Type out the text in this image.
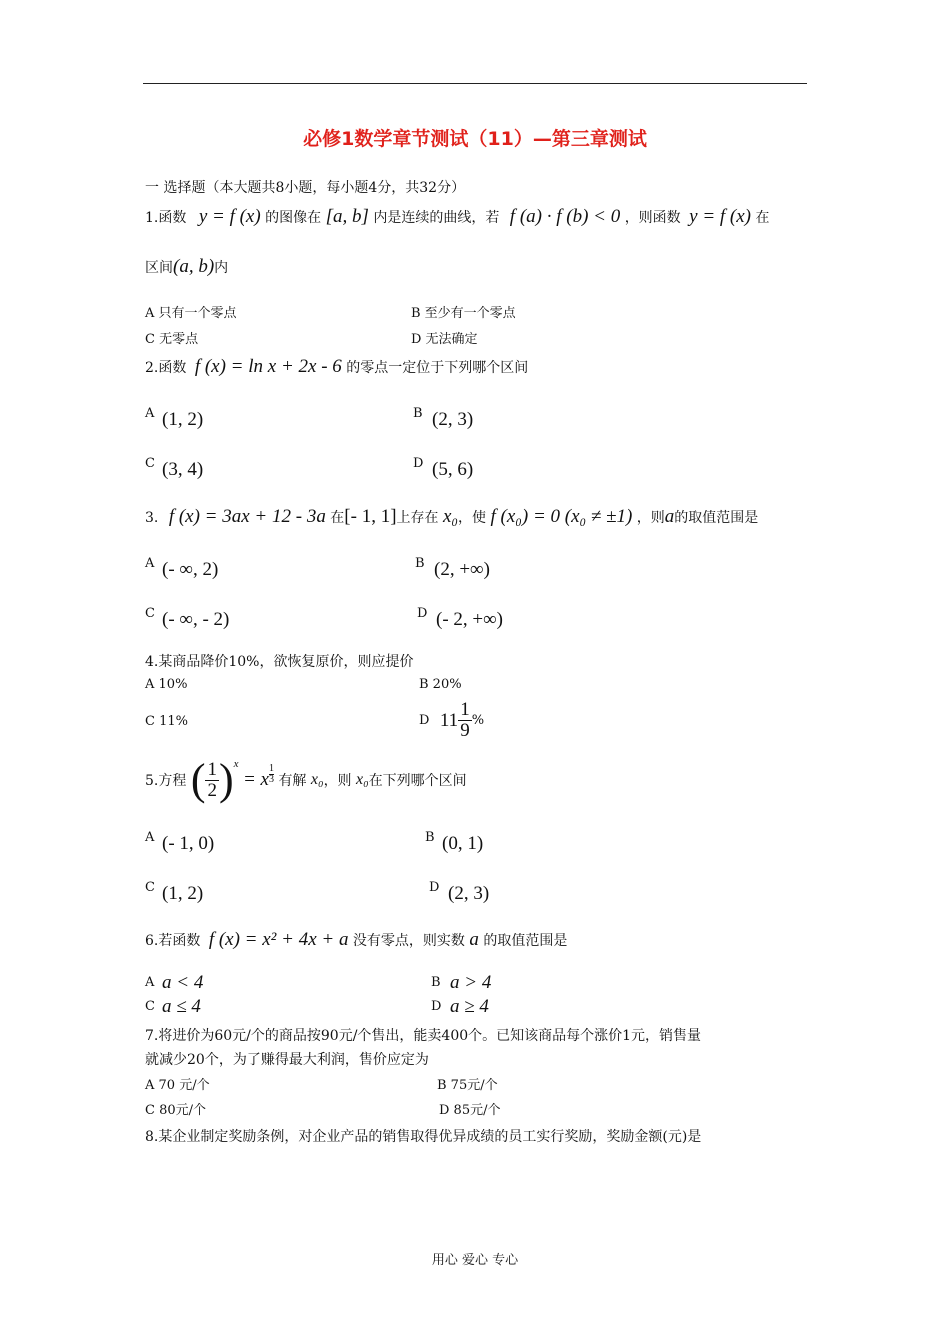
必修1数学章节测试（11）—第三章测试
一 选择题（本大题共8小题，每小题4分，共32分）
1.函数 y = f (x) 的图像在 [a, b] 内是连续的曲线，若 f (a) · f (b) < 0 ，则函数 y = f (x) 在
区间(a, b)内
A 只有一个零点	B 至少有一个零点
C 无零点	D 无法确定
2.函数 f (x) = ln x + 2x - 6 的零点一定位于下列哪个区间
A (1, 2)	B (2, 3)
C (3, 4)	D (5, 6)
3. f (x) = 3ax + 12 - 3a 在[- 1, 1]上存在 x₀，使 f (x₀) = 0 (x₀ ≠ ±1) ，则a的取值范围是
A (- ∞, 2)	B (2, +∞)
C (- ∞, - 2)	D (- 2, +∞)
4.某商品降价10%，欲恢复原价，则应提价
A 10%	B 20%
C 11%	D $11 \frac{1}{9}$ %
5.方程 ( $\frac{1}{2} )^x = x \frac{1}{3}$ 有解 x₀，则 x₀在下列哪个区间
A (- 1, 0)	B (0, 1)
C (1, 2)	D (2, 3)
6.若函数 f (x) = x² + 4x + a 没有零点，则实数 a 的取值范围是
A a < 4	B a > 4
C a ≤ 4	D a ≥ 4
7.将进价为60元/个的商品按90元/个售出，能卖400个。已知该商品每个涨价1元，销售量
就减少20个，为了赚得最大利润，售价应定为
A 70 元/个	B 75元/个
C 80元/个	D 85元/个
8.某企业制定奖励条例，对企业产品的销售取得优异成绩的员工实行奖励，奖励金额(元)是
用心 爱心 专心
